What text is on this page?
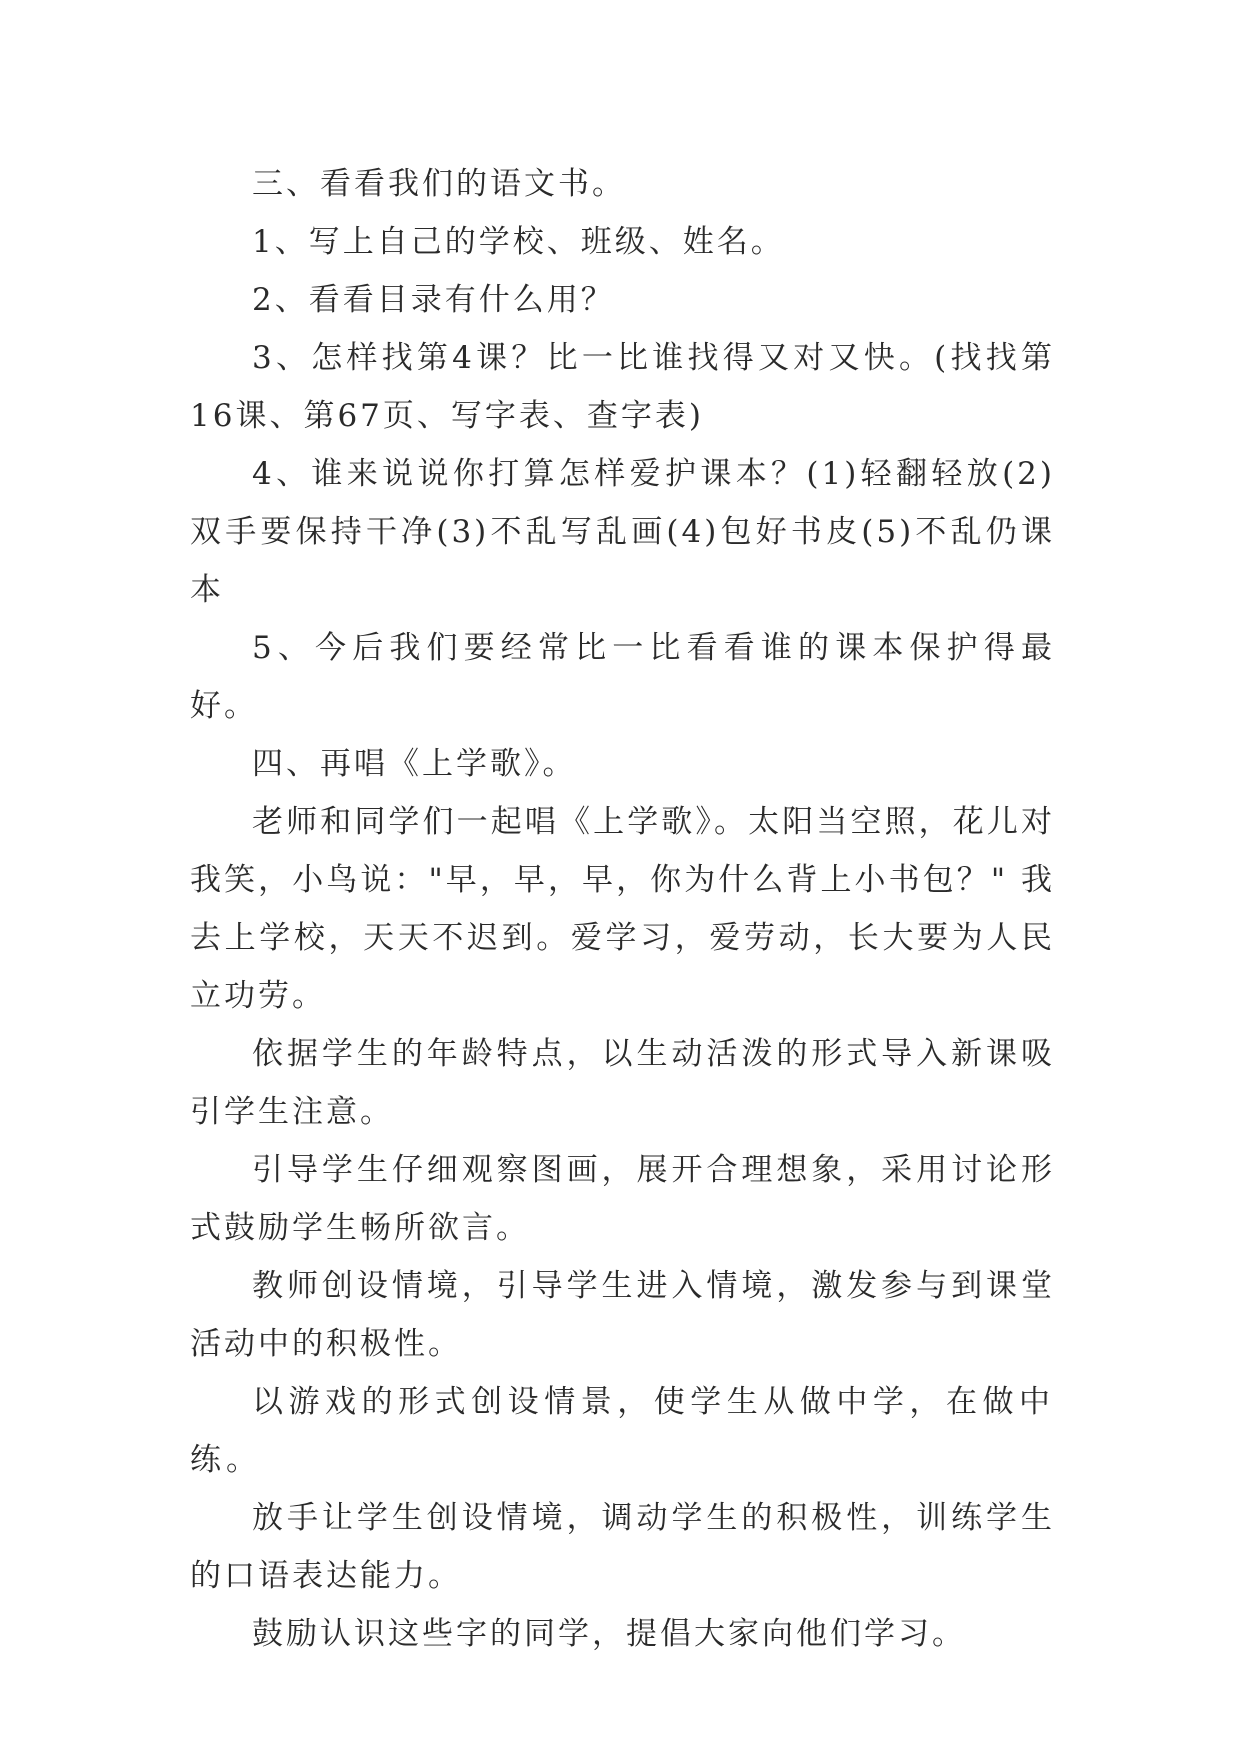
三、看看我们的语文书。

1、写上自己的学校、班级、姓名。

2、看看目录有什么用？

3、怎样找第4课？比一比谁找得又对又快。(找找第16课、第67页、写字表、查字表)

4、谁来说说你打算怎样爱护课本？(1)轻翻轻放(2)双手要保持干净(3)不乱写乱画(4)包好书皮(5)不乱仍课本

5、今后我们要经常比一比看看谁的课本保护得最好。

四、再唱《上学歌》。

老师和同学们一起唱《上学歌》。太阳当空照，花儿对我笑，小鸟说："早，早，早，你为什么背上小书包？" 我去上学校，天天不迟到。爱学习，爱劳动，长大要为人民立功劳。

依据学生的年龄特点，以生动活泼的形式导入新课吸引学生注意。

引导学生仔细观察图画，展开合理想象，采用讨论形式鼓励学生畅所欲言。

教师创设情境，引导学生进入情境，激发参与到课堂活动中的积极性。

以游戏的形式创设情景，使学生从做中学，在做中练。

放手让学生创设情境，调动学生的积极性，训练学生的口语表达能力。

鼓励认识这些字的同学，提倡大家向他们学习。
